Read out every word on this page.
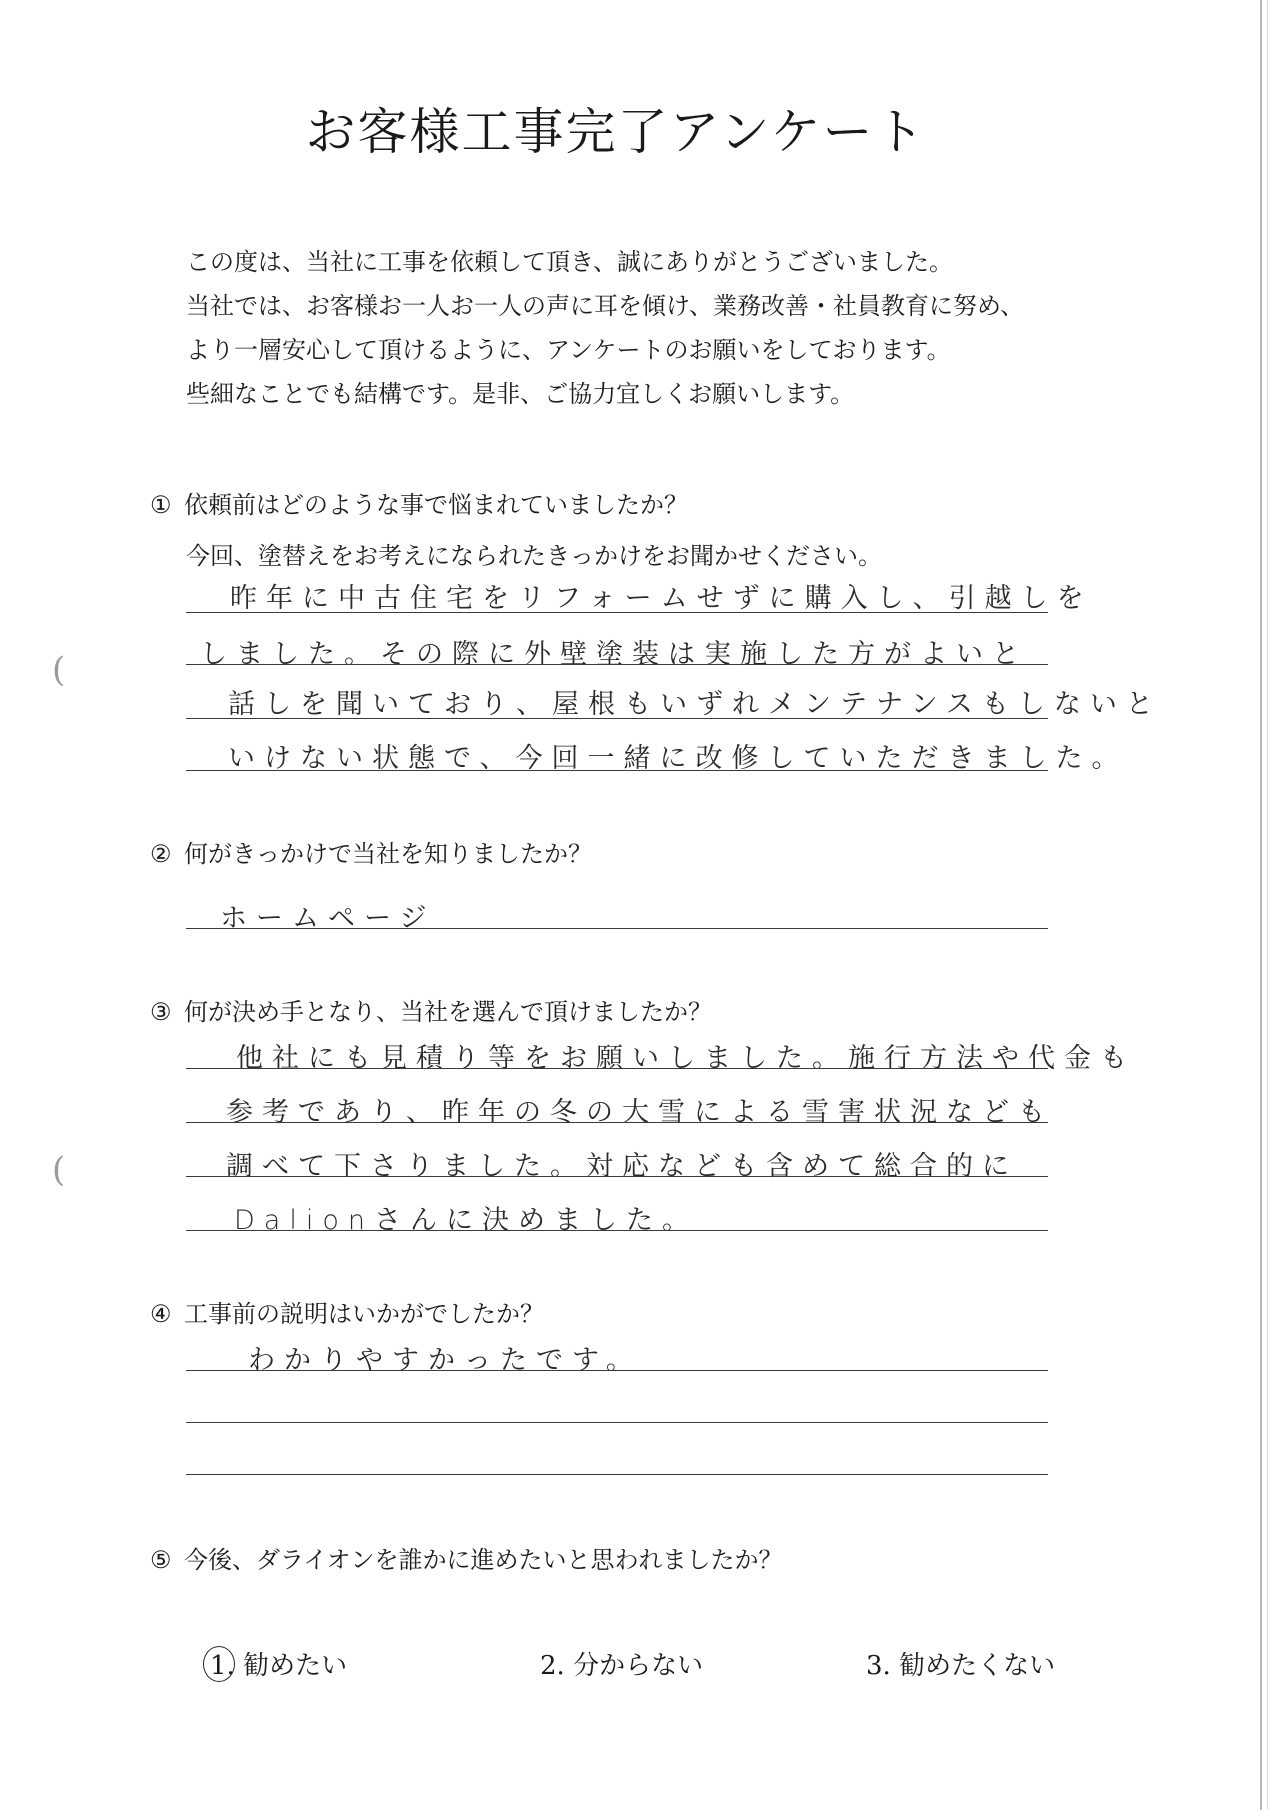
お客様工事完了アンケート

この度は、当社に工事を依頼して頂き、誠にありがとうございました。

当社では、お客様お一人お一人の声に耳を傾け、業務改善・社員教育に努め、

より一層安心して頂けるように、アンケートのお願いをしております。

些細なことでも結構です。是非、ご協力宜しくお願いします。

① 依頼前はどのような事で悩まれていましたか？
今回、塗替えをお考えになられたきっかけをお聞かせください。
昨年に中古住宅をリフォームせずに購入し、引越しを
しました。その際に外壁塗装は実施した方がよいと
話しを聞いており、屋根もいずれメンテナンスもしないと
いけない状態で、今回一緒に改修していただきました。
(
② 何がきっかけで当社を知りましたか？
ホームページ
③ 何が決め手となり、当社を選んで頂けましたか？
他社にも見積り等をお願いしました。施行方法や代金も
参考であり、昨年の冬の大雪による雪害状況なども
調べて下さりました。対応なども含めて総合的に
Dalionさんに決めました。
(
④ 工事前の説明はいかがでしたか？
わかりやすかったです。
⑤ 今後、ダライオンを誰かに進めたいと思われましたか？
1. 勧めたい	2. 分からない	3. 勧めたくない
